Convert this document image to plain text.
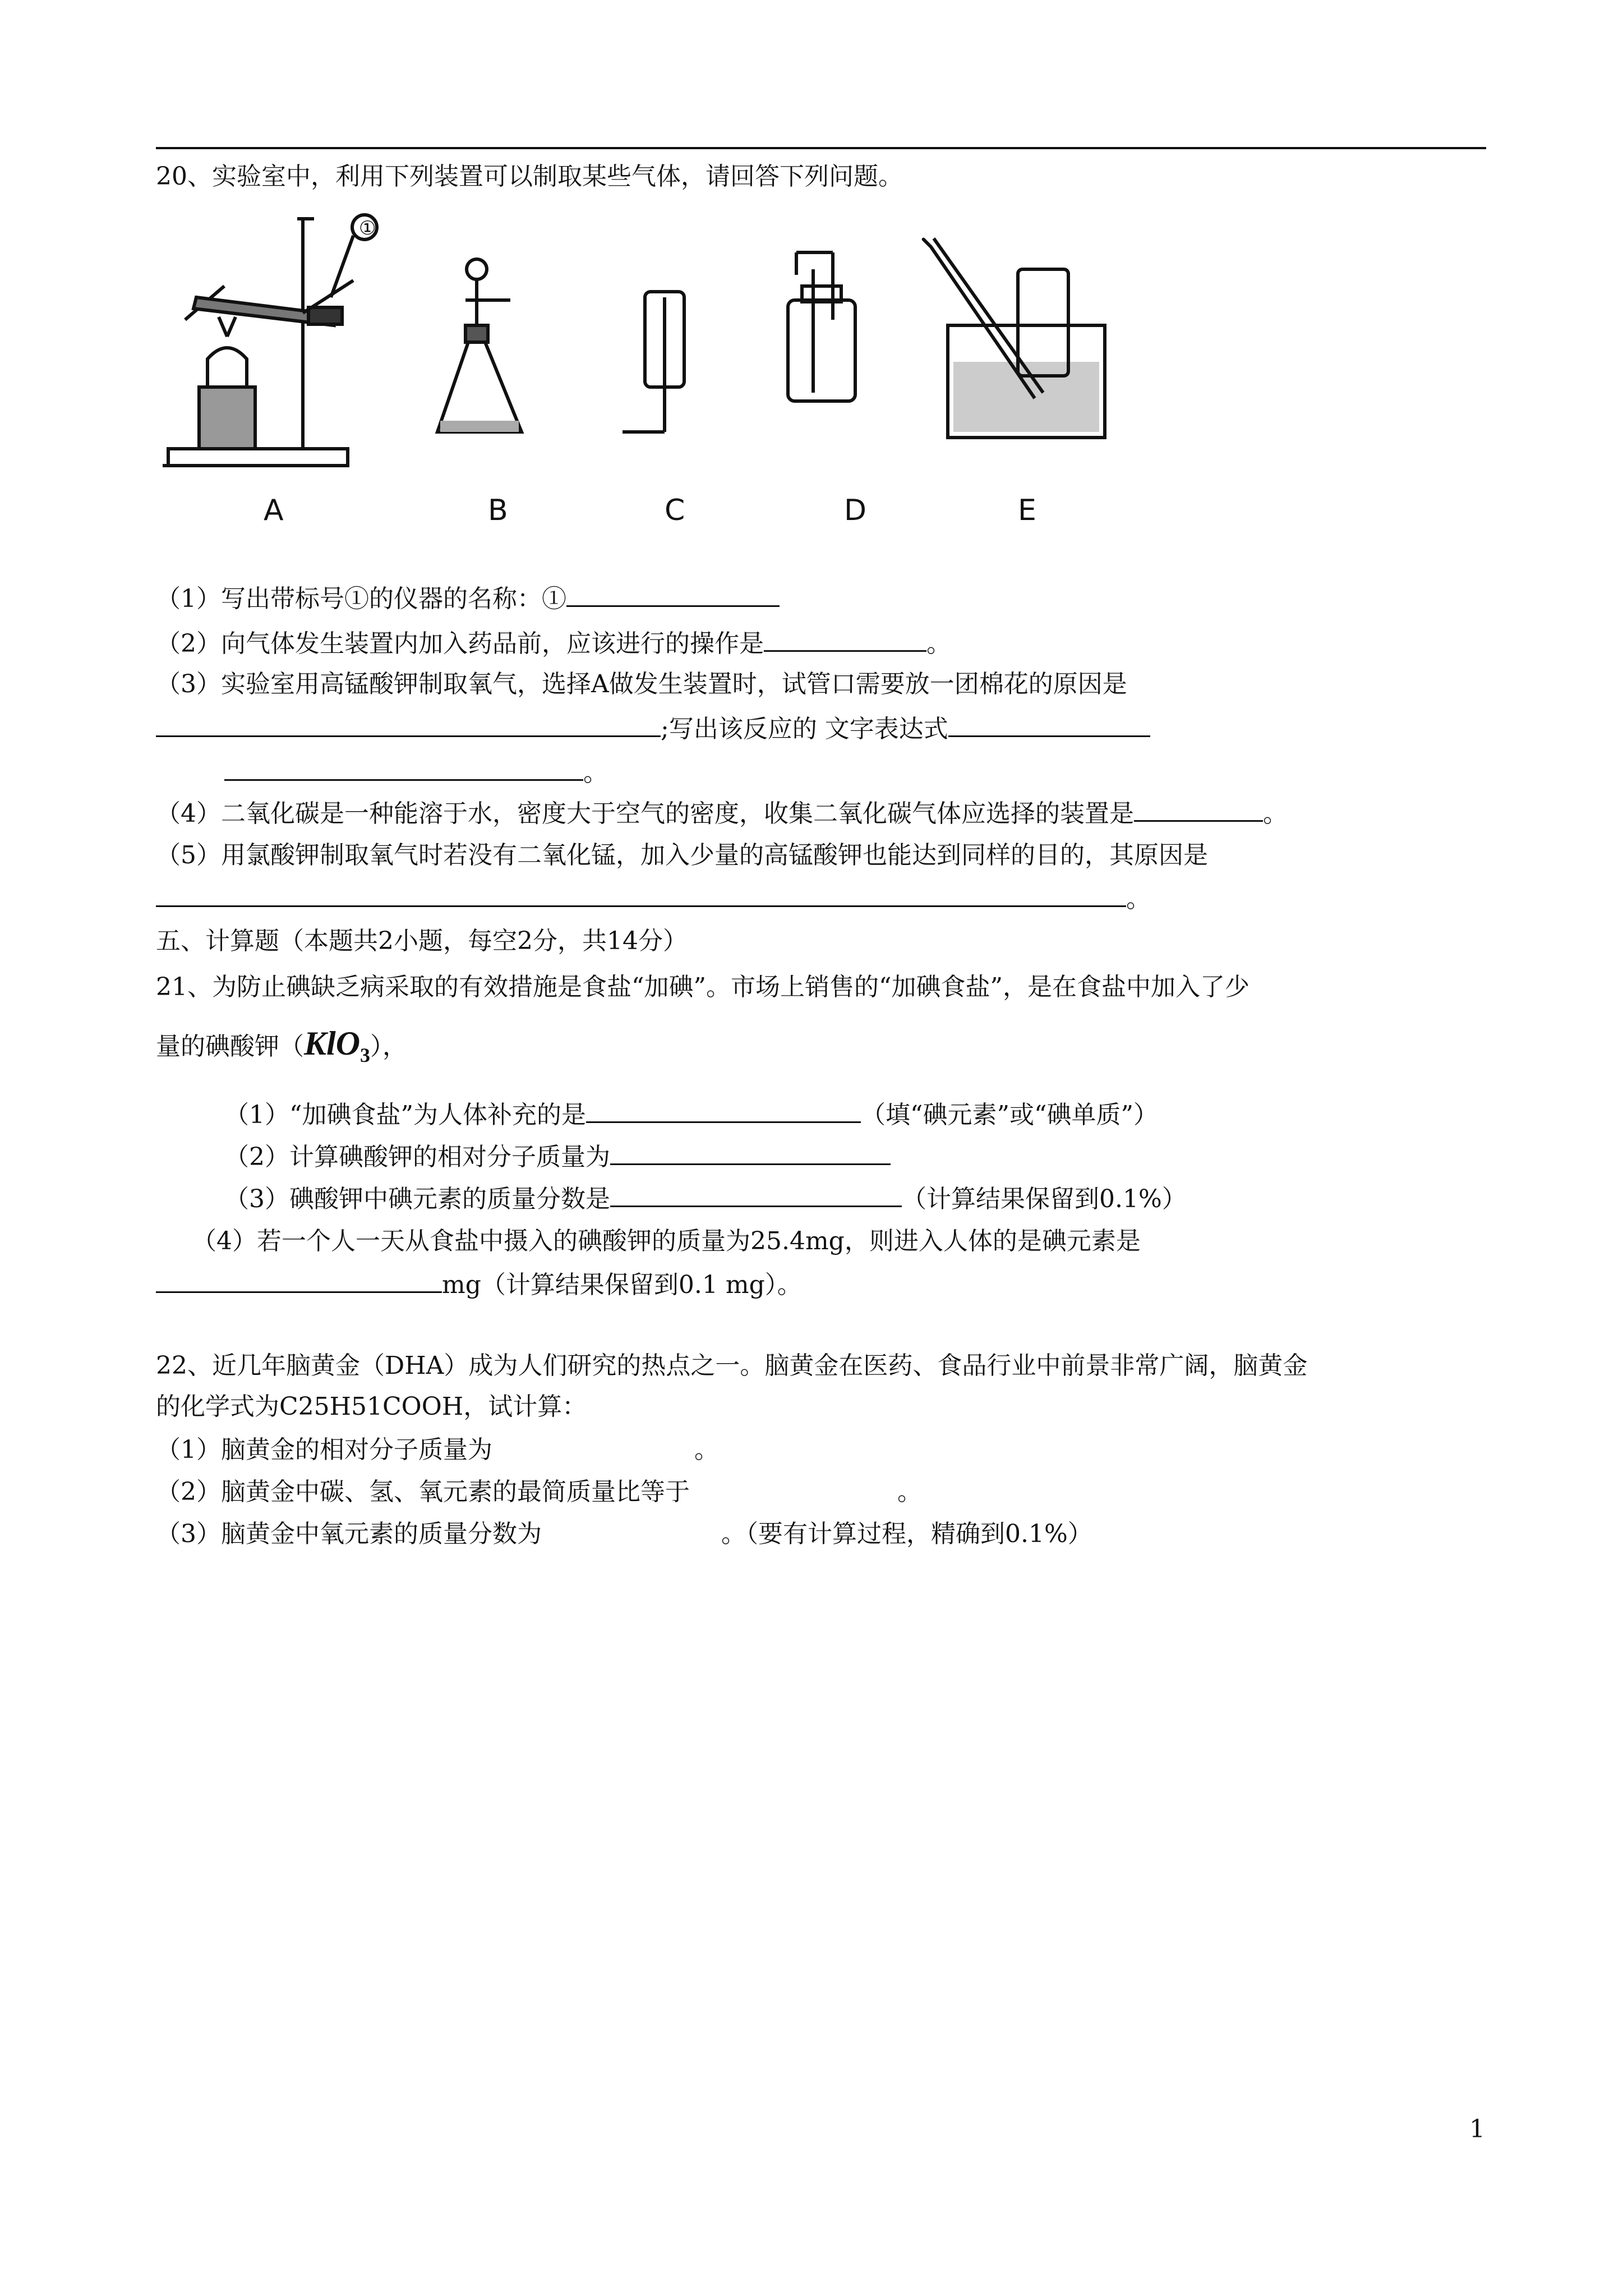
20、实验室中，利用下列装置可以制取某些气体，请回答下列问题。
①
A	B	C	D	E
（1）写出带标号①的仪器的名称：①
（2）向气体发生装置内加入药品前，应该进行的操作是	。
（3）实验室用高锰酸钾制取氧气，选择A做发生装置时，试管口需要放一团棉花的原因是
;写出该反应的 文字表达式
。
（4）二氧化碳是一种能溶于水，密度大于空气的密度，收集二氧化碳气体应选择的装置是	。
（5）用氯酸钾制取氧气时若没有二氧化锰，加入少量的高锰酸钾也能达到同样的目的，其原因是
。
五、计算题（本题共2小题，每空2分，共14分）
21、为防止碘缺乏病采取的有效措施是食盐“加碘”。市场上销售的“加碘食盐”，是在食盐中加入了少
量的碘酸钾（KlO$_3$），
（1）“加碘食盐”为人体补充的是	（填“碘元素”或“碘单质”）
（2）计算碘酸钾的相对分子质量为
（3）碘酸钾中碘元素的质量分数是	（计算结果保留到0.1%）
（4）若一个人一天从食盐中摄入的碘酸钾的质量为25.4mg，则进入人体的是碘元素是
mg（计算结果保留到0.1 mg）。
22、近几年脑黄金（DHA）成为人们研究的热点之一。脑黄金在医药、食品行业中前景非常广阔，脑黄金
的化学式为C25H51COOH，试计算：
（1）脑黄金的相对分子质量为	。
（2）脑黄金中碳、氢、氧元素的最简质量比等于	。
（3）脑黄金中氧元素的质量分数为	。（要有计算过程，精确到0.1%）
1
